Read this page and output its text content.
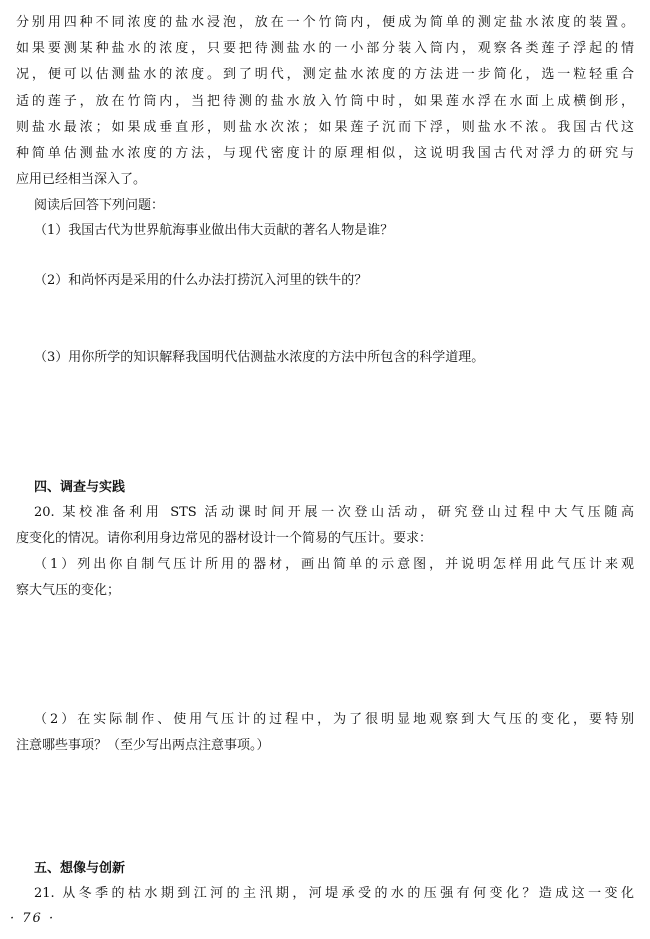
分别用四种不同浓度的盐水浸泡，放在一个竹筒内，便成为简单的测定盐水浓度的装置。
如果要测某种盐水的浓度，只要把待测盐水的一小部分装入筒内，观察各类莲子浮起的情
况，便可以估测盐水的浓度。到了明代，测定盐水浓度的方法进一步简化，选一粒轻重合
适的莲子，放在竹筒内，当把待测的盐水放入竹筒中时，如果莲水浮在水面上成横倒形，
则盐水最浓；如果成垂直形，则盐水次浓；如果莲子沉而下浮，则盐水不浓。我国古代这
种简单估测盐水浓度的方法，与现代密度计的原理相似，这说明我国古代对浮力的研究与
应用已经相当深入了。
阅读后回答下列问题：
（1）我国古代为世界航海事业做出伟大贡献的著名人物是谁？
（2）和尚怀丙是采用的什么办法打捞沉入河里的铁牛的？
（3）用你所学的知识解释我国明代估测盐水浓度的方法中所包含的科学道理。
四、调查与实践
20. 某校准备利用 STS 活动课时间开展一次登山活动，研究登山过程中大气压随高
度变化的情况。请你利用身边常见的器材设计一个简易的气压计。要求：
（1）列出你自制气压计所用的器材，画出简单的示意图，并说明怎样用此气压计来观
察大气压的变化；
（2）在实际制作、使用气压计的过程中，为了很明显地观察到大气压的变化，要特别
注意哪些事项？（至少写出两点注意事项。）
五、想像与创新
21. 从冬季的枯水期到江河的主汛期，河堤承受的水的压强有何变化？造成这一变化
· 76 ·
